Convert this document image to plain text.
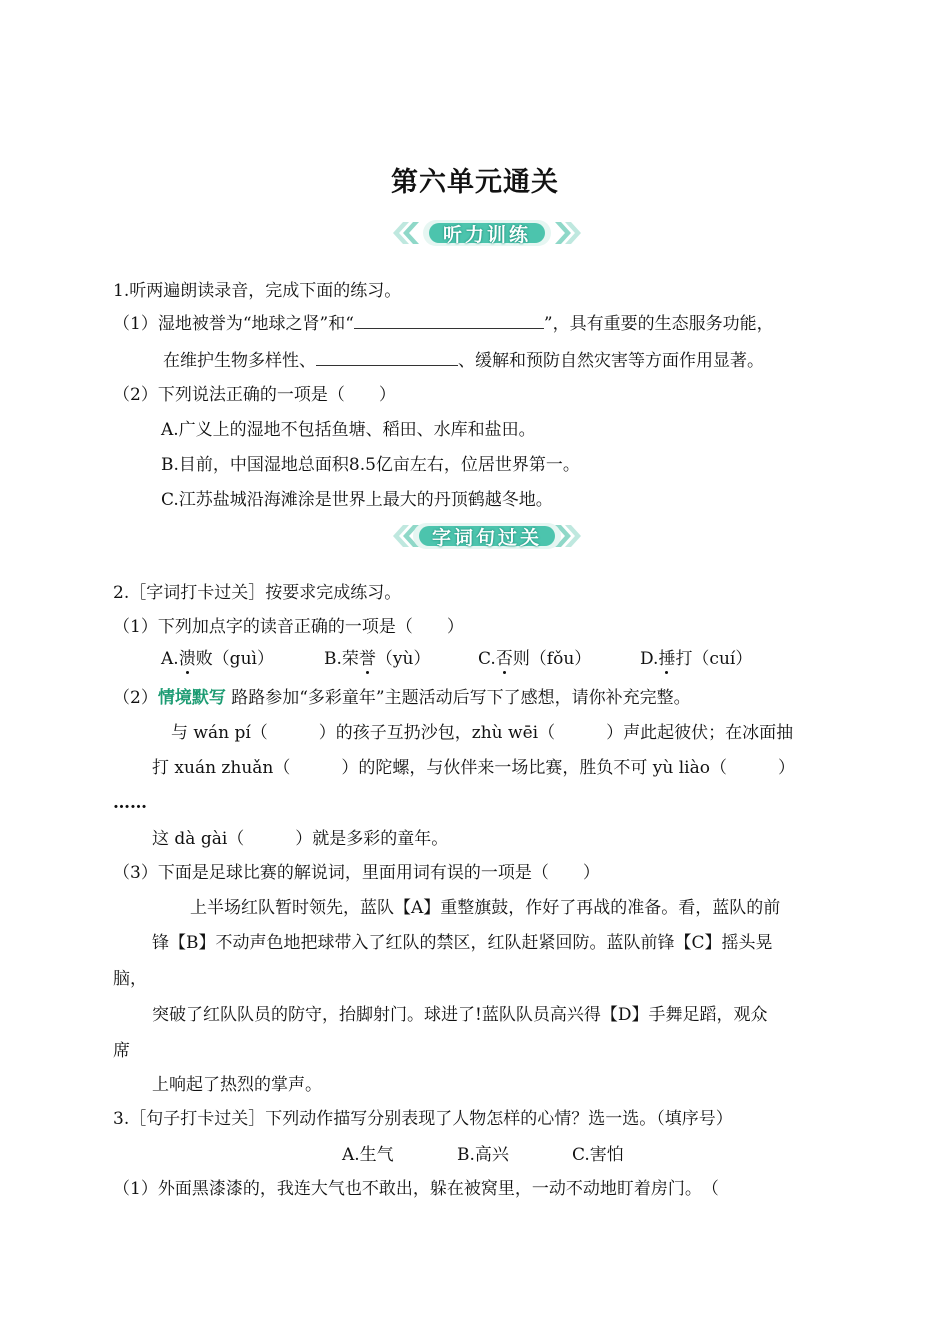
第六单元通关
听力训练
1.听两遍朗读录音，完成下面的练习。
（1）湿地被誉为“地球之肾”和“	”，具有重要的生态服务功能，
在维护生物多样性、	、缓解和预防自然灾害等方面作用显著。
（2）下列说法正确的一项是（　　）
A.广义上的湿地不包括鱼塘、稻田、水库和盐田。
B.目前，中国湿地总面积8.5亿亩左右，位居世界第一。
C.江苏盐城沿海滩涂是世界上最大的丹顶鹤越冬地。
字词句过关
2.［字词打卡过关］按要求完成练习。
（1）下列加点字的读音正确的一项是（　　）
A.溃败（guì）	B.荣誉（yù）	C.否则（fǒu）	D.捶打（cuí）
（2）情境默写 路路参加“多彩童年”主题活动后写下了感想，请你补充完整。
与 wán pí（　　　）的孩子互扔沙包，zhù wēi（　　　）声此起彼伏；在冰面抽
打 xuán zhuǎn（　　　）的陀螺，与伙伴来一场比赛，胜负不可 yù liào（　　　）
……
这 dà gài（　　　）就是多彩的童年。
（3）下面是足球比赛的解说词，里面用词有误的一项是（　　）
上半场红队暂时领先，蓝队【A】重整旗鼓，作好了再战的准备。看，蓝队的前
锋【B】不动声色地把球带入了红队的禁区，红队赶紧回防。蓝队前锋【C】摇头晃
脑，
突破了红队队员的防守，抬脚射门。球进了!蓝队队员高兴得【D】手舞足蹈，观众
席
上响起了热烈的掌声。
3.［句子打卡过关］下列动作描写分别表现了人物怎样的心情？选一选。（填序号）
A.生气	B.高兴	C.害怕
（1）外面黑漆漆的，我连大气也不敢出，躲在被窝里，一动不动地盯着房门。　（
